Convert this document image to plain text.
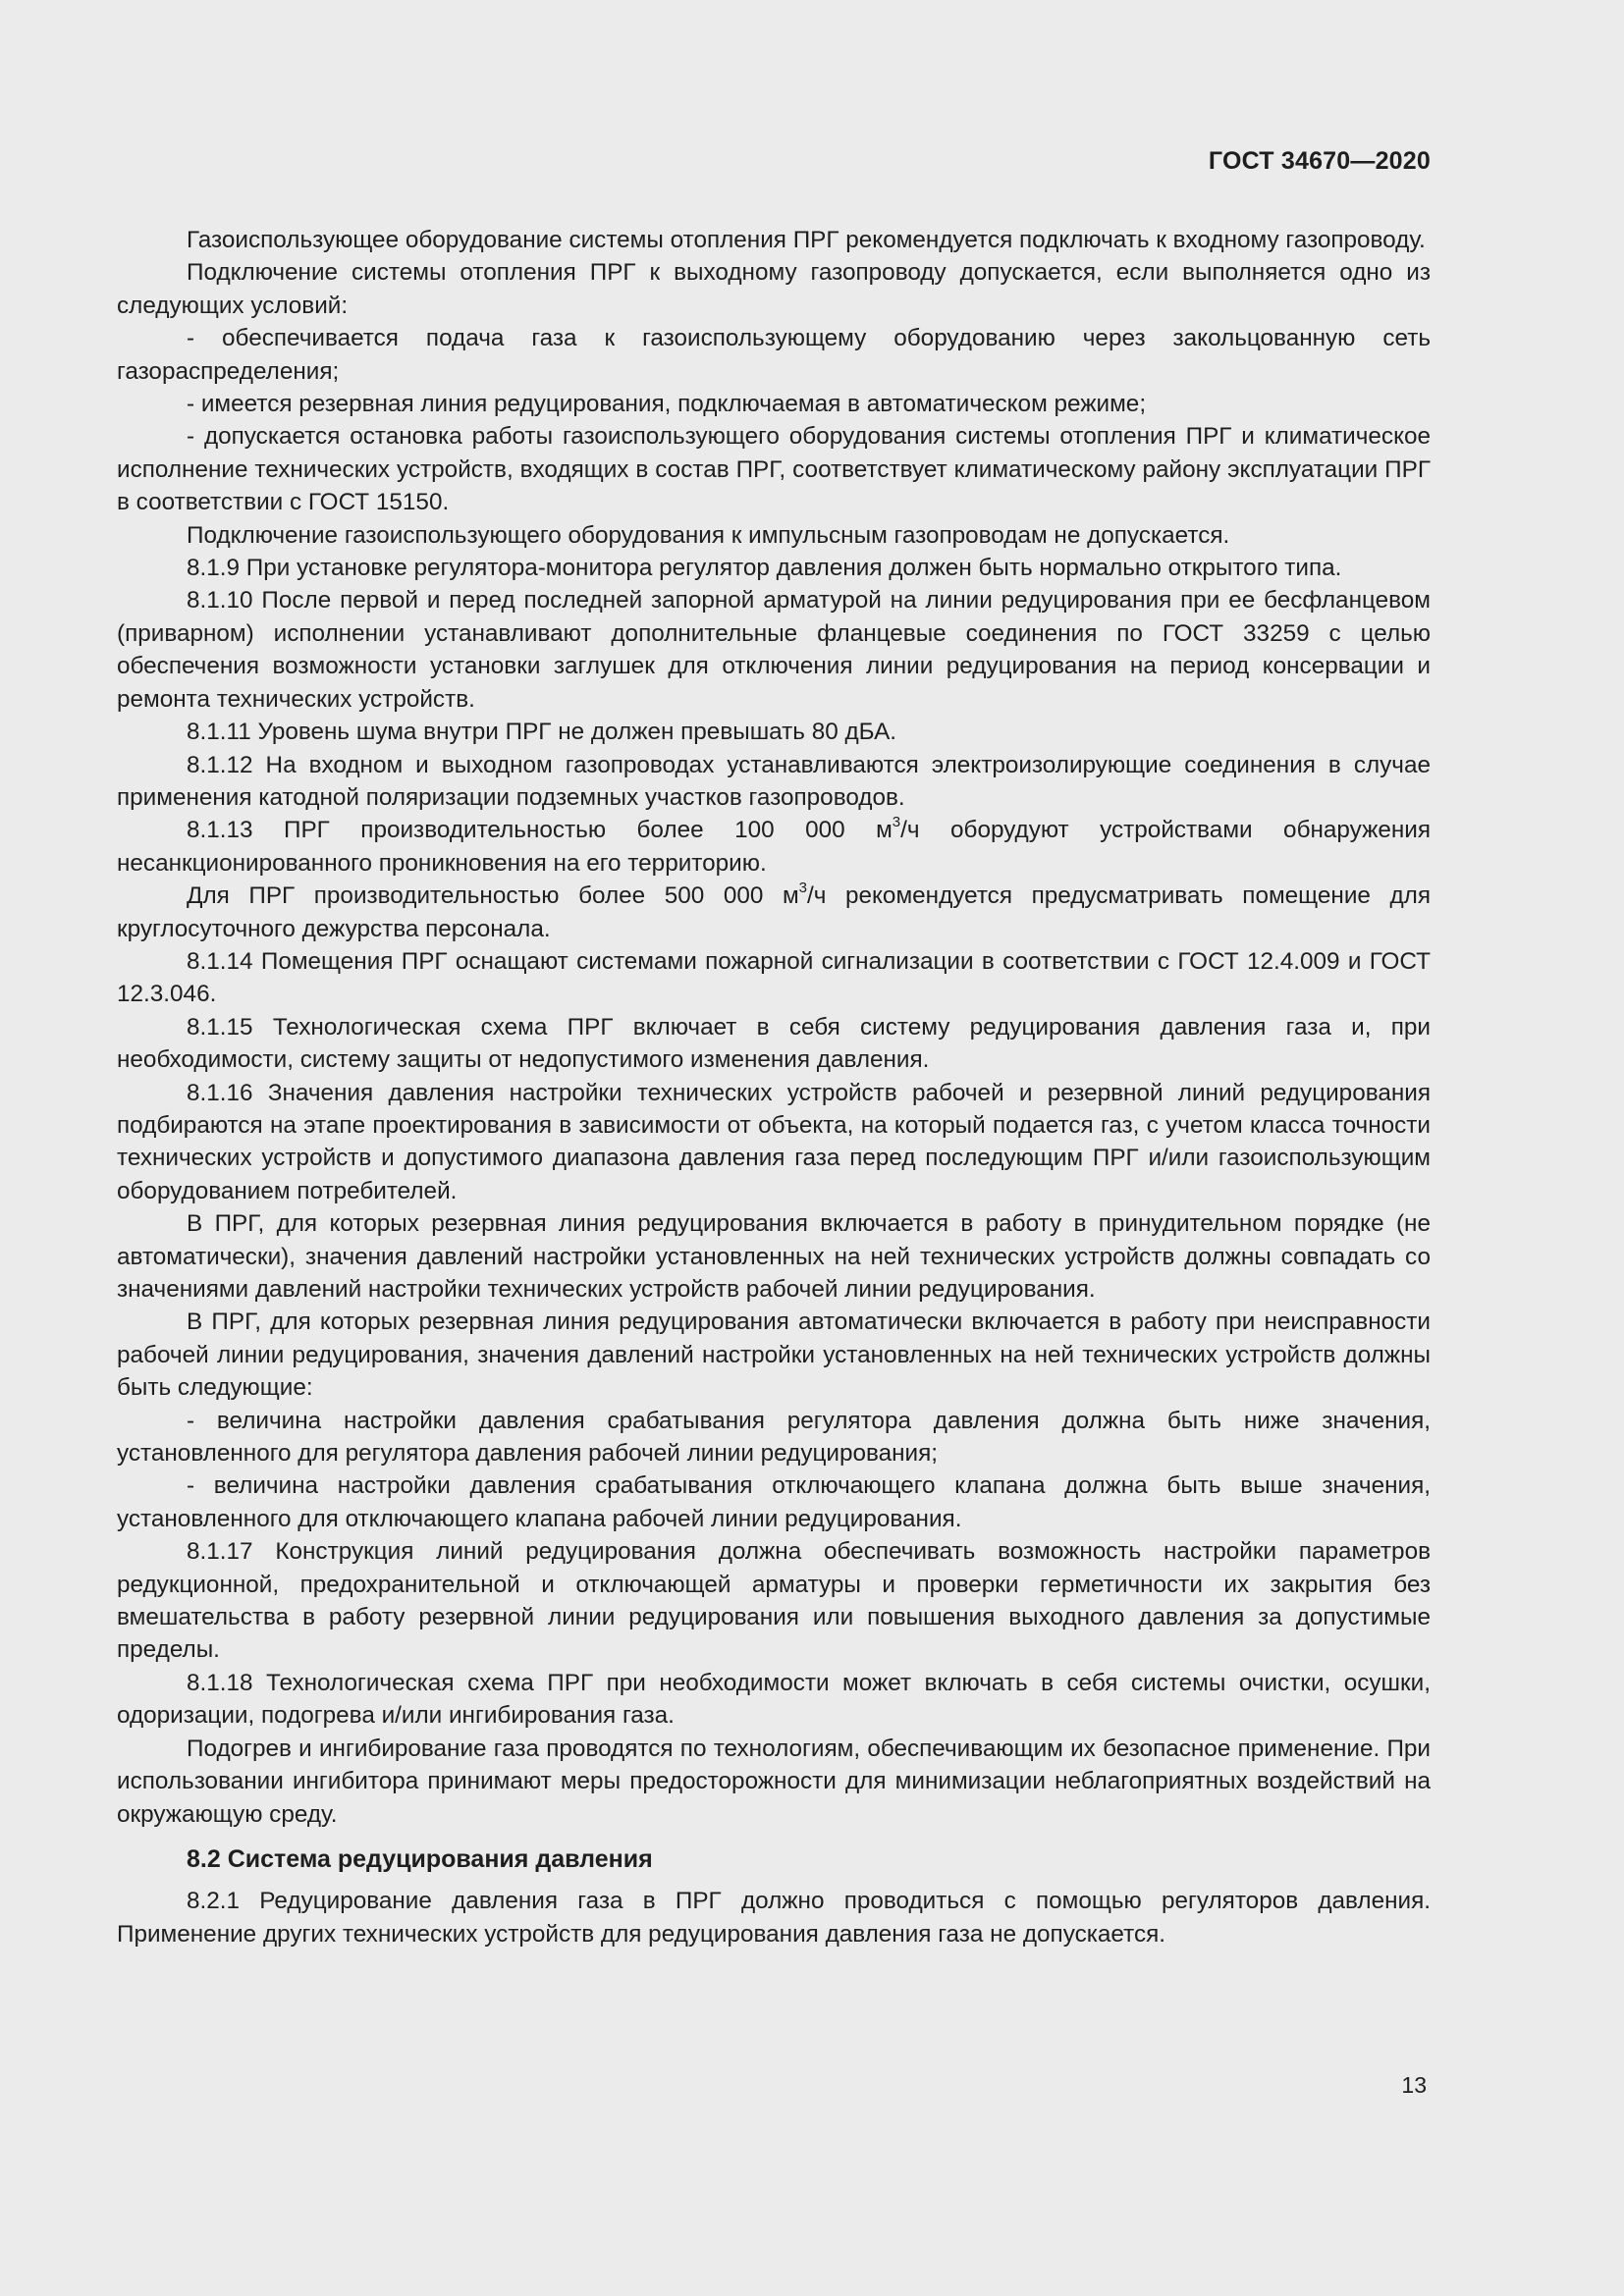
ГОСТ 34670—2020

Газоиспользующее оборудование системы отопления ПРГ рекомендуется подключать к входному газопроводу.

Подключение системы отопления ПРГ к выходному газопроводу допускается, если выполняется одно из следующих условий:

- обеспечивается подача газа к газоиспользующему оборудованию через закольцованную сеть газораспределения;

- имеется резервная линия редуцирования, подключаемая в автоматическом режиме;

- допускается остановка работы газоиспользующего оборудования системы отопления ПРГ и климатическое исполнение технических устройств, входящих в состав ПРГ, соответствует климатическому району эксплуатации ПРГ в соответствии с ГОСТ 15150.

Подключение газоиспользующего оборудования к импульсным газопроводам не допускается.

8.1.9 При установке регулятора-монитора регулятор давления должен быть нормально открытого типа.

8.1.10 После первой и перед последней запорной арматурой на линии редуцирования при ее бесфланцевом (приварном) исполнении устанавливают дополнительные фланцевые соединения по ГОСТ 33259 с целью обеспечения возможности установки заглушек для отключения линии редуцирования на период консервации и ремонта технических устройств.

8.1.11 Уровень шума внутри ПРГ не должен превышать 80 дБА.

8.1.12 На входном и выходном газопроводах устанавливаются электроизолирующие соединения в случае применения катодной поляризации подземных участков газопроводов.

8.1.13 ПРГ производительностью более 100 000 $м^3/ч$ оборудуют устройствами обнаружения несанкционированного проникновения на его территорию.

Для ПРГ производительностью более 500 000 $м^3/ч$ рекомендуется предусматривать помещение для круглосуточного дежурства персонала.

8.1.14 Помещения ПРГ оснащают системами пожарной сигнализации в соответствии с ГОСТ 12.4.009 и ГОСТ 12.3.046.

8.1.15 Технологическая схема ПРГ включает в себя систему редуцирования давления газа и, при необходимости, систему защиты от недопустимого изменения давления.

8.1.16 Значения давления настройки технических устройств рабочей и резервной линий редуцирования подбираются на этапе проектирования в зависимости от объекта, на который подается газ, с учетом класса точности технических устройств и допустимого диапазона давления газа перед последующим ПРГ и/или газоиспользующим оборудованием потребителей.

В ПРГ, для которых резервная линия редуцирования включается в работу в принудительном порядке (не автоматически), значения давлений настройки установленных на ней технических устройств должны совпадать со значениями давлений настройки технических устройств рабочей линии редуцирования.

В ПРГ, для которых резервная линия редуцирования автоматически включается в работу при неисправности рабочей линии редуцирования, значения давлений настройки установленных на ней технических устройств должны быть следующие:

- величина настройки давления срабатывания регулятора давления должна быть ниже значения, установленного для регулятора давления рабочей линии редуцирования;

- величина настройки давления срабатывания отключающего клапана должна быть выше значения, установленного для отключающего клапана рабочей линии редуцирования.

8.1.17 Конструкция линий редуцирования должна обеспечивать возможность настройки параметров редукционной, предохранительной и отключающей арматуры и проверки герметичности их закрытия без вмешательства в работу резервной линии редуцирования или повышения выходного давления за допустимые пределы.

8.1.18 Технологическая схема ПРГ при необходимости может включать в себя системы очистки, осушки, одоризации, подогрева и/или ингибирования газа.

Подогрев и ингибирование газа проводятся по технологиям, обеспечивающим их безопасное применение. При использовании ингибитора принимают меры предосторожности для минимизации неблагоприятных воздействий на окружающую среду.

8.2 Система редуцирования давления

8.2.1 Редуцирование давления газа в ПРГ должно проводиться с помощью регуляторов давления. Применение других технических устройств для редуцирования давления газа не допускается.

13
